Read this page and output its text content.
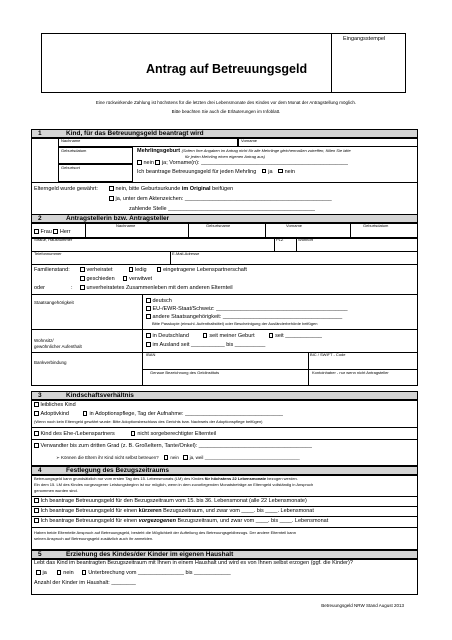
Eingangsstempel
Antrag auf Betreuungsgeld
Eine rückwirkende Zahlung ist höchstens für die letzten drei Lebensmonate des Kindes vor dem Monat der Antragstellung möglich.
Bitte beachten Sie auch die Erläuterungen im Infoblatt.
1	Kind, für das Betreuungsgeld beantragt wird
Nachname	Vorname
Geburtsdatum
Geburtsort
Mehrlingsgeburt (Sofern Ihre Angaben im Antrag nicht für alle Mehrlinge gleichermaßen zutreffen, füllen Sie bitte
für jeden Mehrling einen eigenen Antrag aus)
nein ja; Vorname(n): ________________________________________________
Ich beantrage Betreuungsgeld für jeden Mehrling ja nein
Elterngeld wurde gewährt:	nein, bitte Geburtsurkunde im Original beifügen
ja, unter dem Aktenzeichen: ________________________________________________
zahlende Stelle ________________________________________________
2	Antragstellerin bzw. Antragsteller
Nachname	Geburtsname	Vorname	Geburtsdatum
Frau Herr
Straße, Hausnummer	PLZ	Wohnort
Telefonnummer	E-Mail-Adresse
Familienstand:	verheiratet	ledig	eingetragene Lebenspartnerschaft
geschieden	verwitwet
oder	:	unverheiratetes Zusammenleben mit dem anderen Elternteil
Staatsangehörigkeit	deutsch
EU-/EWR-Staat/Schweiz: ___________________________________________
andere Staatsangehörigkeit: _______________________________________
Bitte Passkopie (einschl. Aufenthaltstitel) oder Bescheinigung der Ausländerbehörde beifügen
Wohnsitz/
gewöhnlicher Aufenthalt
in Deutschland	seit meiner Geburt	seit ____________
im Ausland seit ___________ bis __________
Bankverbindung
IBAN	BIC / SWIFT - Code
Genaue Bezeichnung des Geldinstituts	Kontoinhaber - nur wenn nicht Antragsteller
3	Kindschaftsverhältnis
leibliches Kind
Adoptivkind	in Adoptionspflege, Tag der Aufnahme: ________________________________
(Wenn noch kein Elterngeld gewährt wurde: Bitte Adoptionsbeschluss des Gerichts bzw. Nachweis der Adoptionspflege beifügen)
Kind des Ehe-/Lebenspartners	nicht sorgeberechtigter Elternteil
Verwandter bis zum dritten Grad (z. B. Großeltern, Tante/Onkel): _____________________________________
➢ Können die Eltern ihr Kind nicht selbst betreuen?	nein ja, weil ______________________________________
4	Festlegung des Bezugszeitraums
Betreuungsgeld kann grundsätzlich nur vom ersten Tag des 15. Lebensmonats (LM) des Kindes für höchstens 22 Lebensmonate bezogen werden.
Ein dem 15. LM des Kindes vorgezogener Leistungsbeginn ist nur möglich, wenn in dem zuvorliegenden Monatsbeträge an Elterngeld vollständig in Anspruch
genommen wurden sind.
Ich beantrage Betreuungsgeld für den Bezugszeitraum vom 15. bis 36. Lebensmonat (alle 22 Lebensmonate)
Ich beantrage Betreuungsgeld für einen kürzeren Bezugszeitraum, und zwar vom ____. bis ____. Lebensmonat
Ich beantrage Betreuungsgeld für einen vorgezogenen Bezugszeitraum, und zwar vom ____. bis ____. Lebensmonat
Haben beide Elternteile Anspruch auf Betreuungsgeld, besteht die Möglichkeit der Aufteilung des Betreuungsgeldbezugs. Der andere Elternteil kann
seinen Anspruch auf Betreuungsgeld zusätzlich auch ihr anmelden.
5	Erziehung des Kindes/der Kinder im eigenen Haushalt
Lebt das Kind im beantragten Bezugszeitraum mit Ihnen in einem Haushalt und wird es von Ihnen selbst erzogen (ggf. die Kinder)?
ja	nein	Unterbrechung vom _______________ bis ____________
Anzahl der Kinder im Haushalt: ________
Betreuungsgeld NRW Stand August 2013
